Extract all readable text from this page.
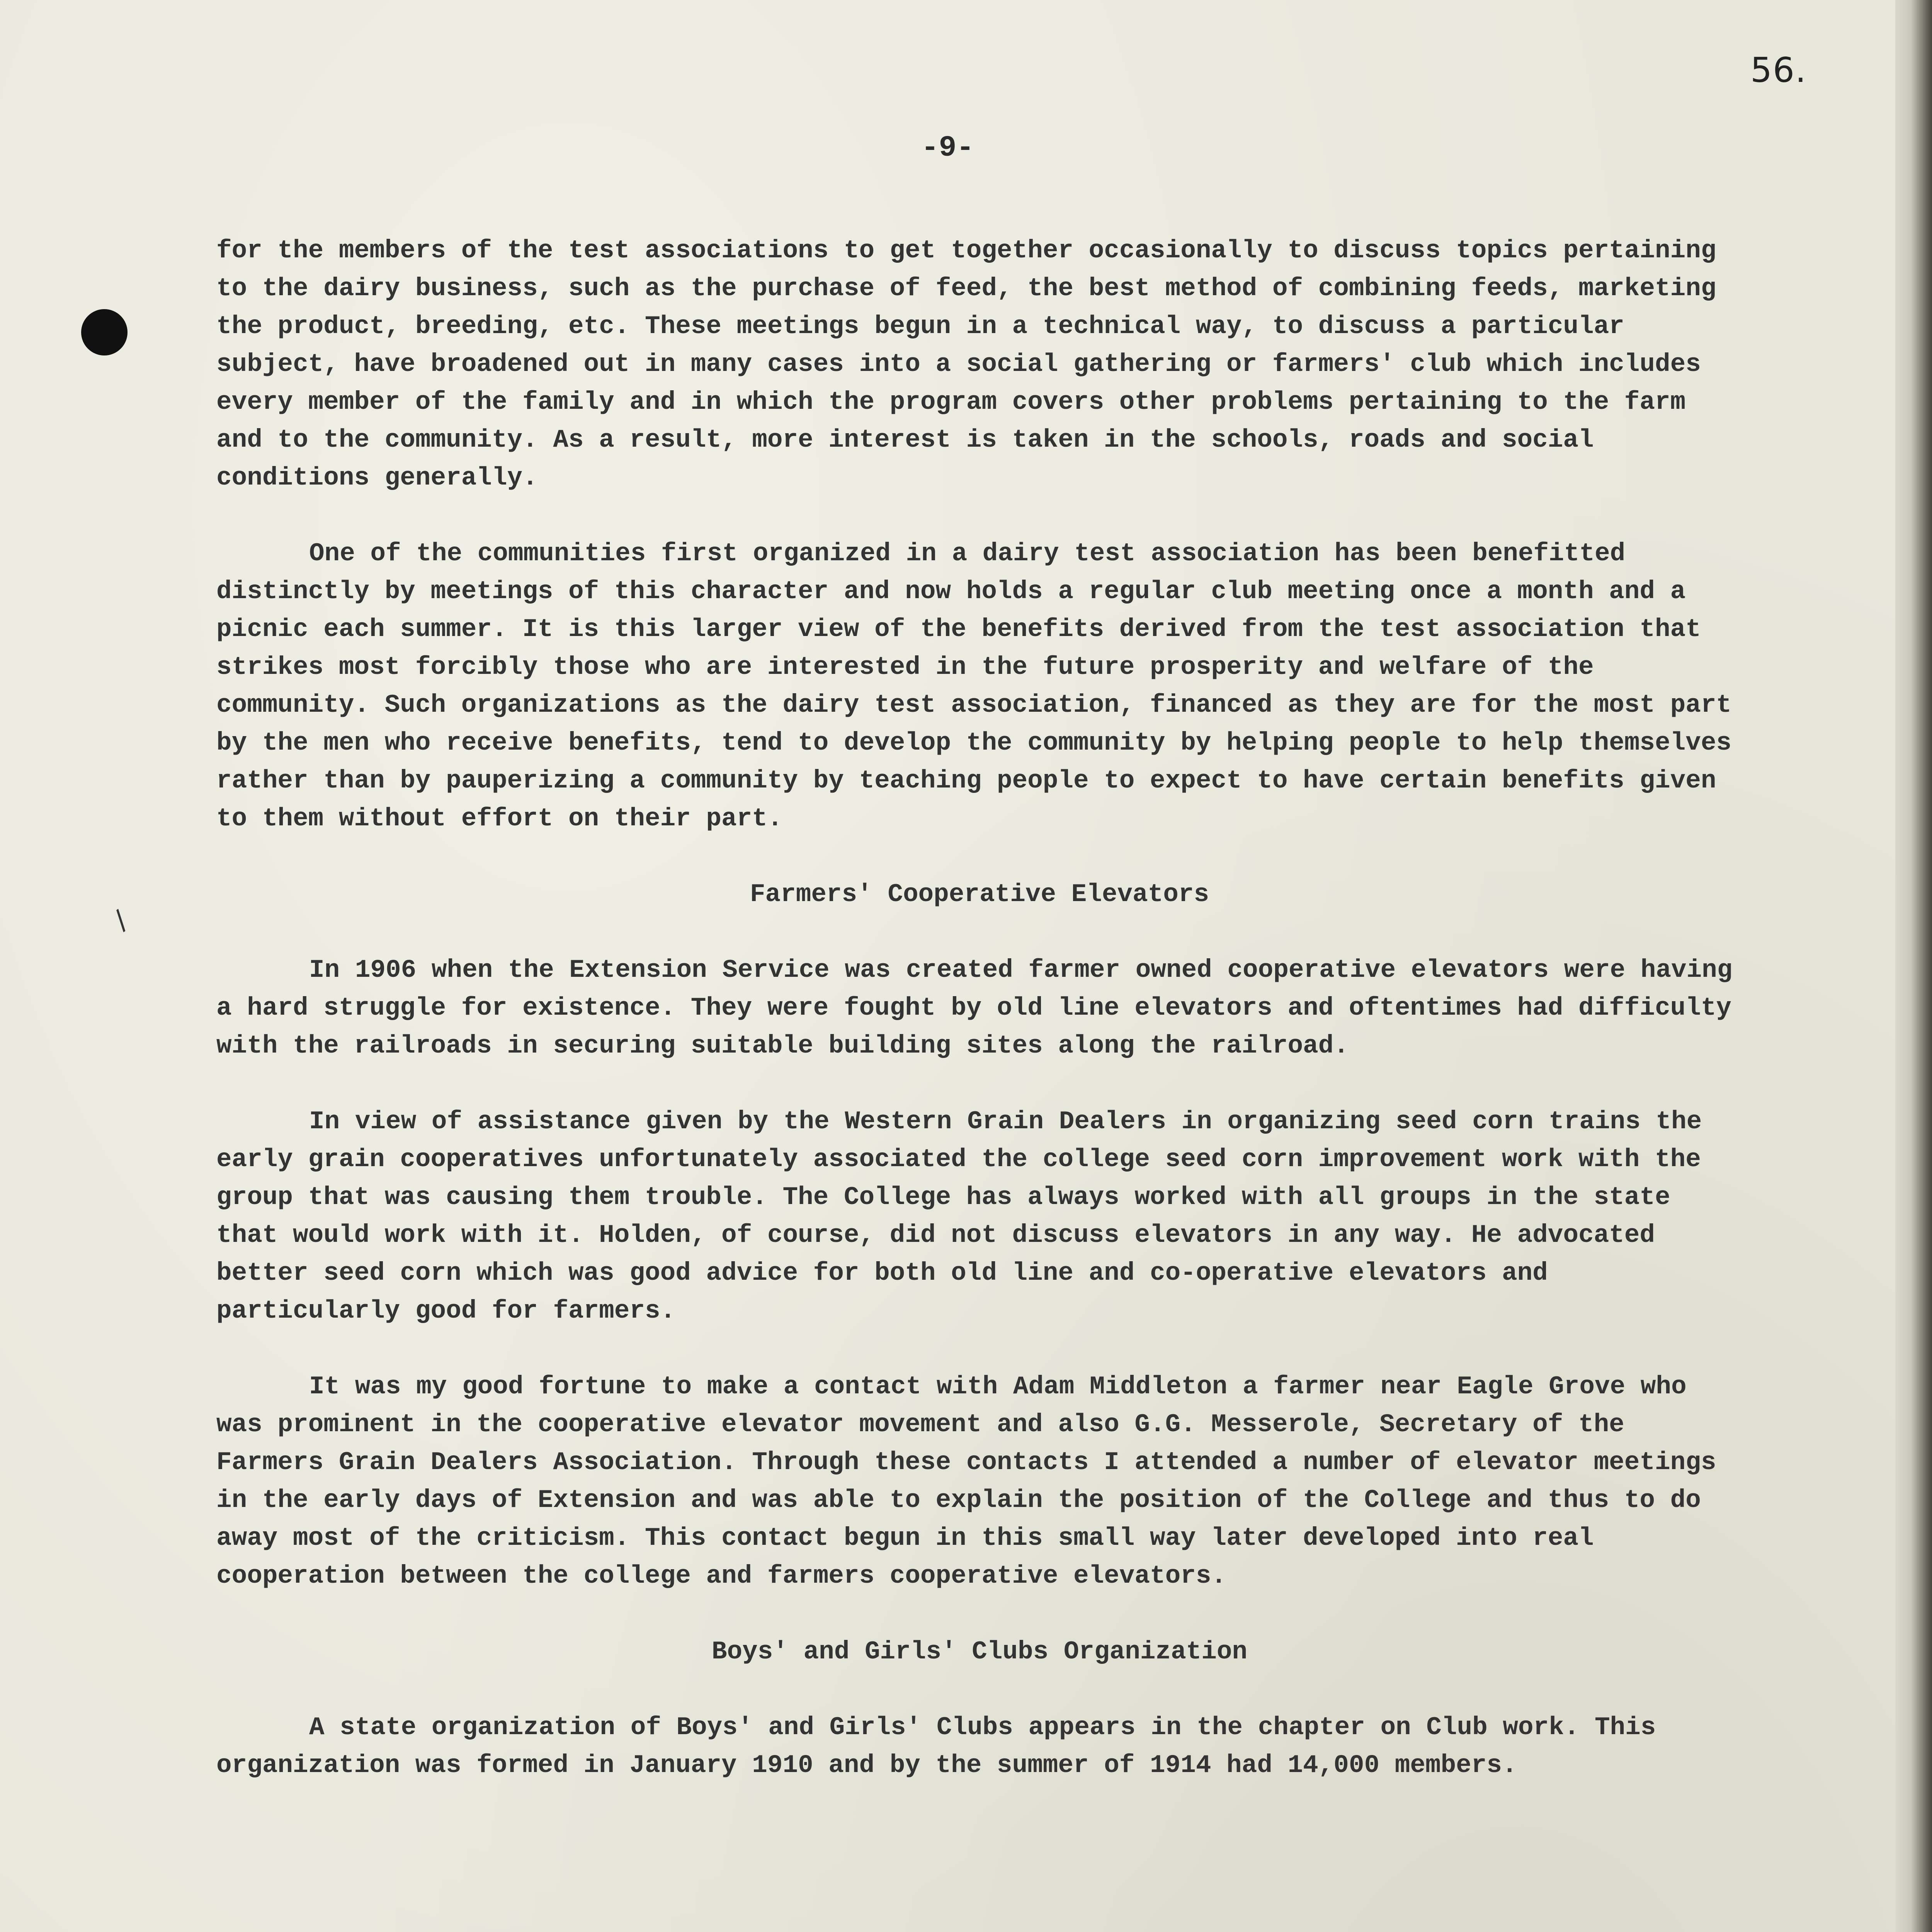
56.
-9-

for the members of the test associations to get together occasionally to discuss topics pertaining to the dairy business, such as the purchase of feed, the best method of combining feeds, marketing the product, breeding, etc. These meetings begun in a technical way, to discuss a particular subject, have broadened out in many cases into a social gathering or farmers' club which includes every member of the family and in which the program covers other problems pertaining to the farm and to the community. As a result, more interest is taken in the schools, roads and social conditions generally.

One of the communities first organized in a dairy test association has been benefitted distinctly by meetings of this character and now holds a regular club meeting once a month and a picnic each summer. It is this larger view of the benefits derived from the test association that strikes most forcibly those who are interested in the future prosperity and welfare of the community. Such organizations as the dairy test association, financed as they are for the most part by the men who receive benefits, tend to develop the community by helping people to help themselves rather than by pauperizing a community by teaching people to expect to have certain benefits given to them without effort on their part.

Farmers' Cooperative Elevators

In 1906 when the Extension Service was created farmer owned cooperative elevators were having a hard struggle for existence. They were fought by old line elevators and oftentimes had difficulty with the railroads in securing suitable building sites along the railroad.

In view of assistance given by the Western Grain Dealers in organizing seed corn trains the early grain cooperatives unfortunately associated the college seed corn improvement work with the group that was causing them trouble. The College has always worked with all groups in the state that would work with it. Holden, of course, did not discuss elevators in any way. He advocated better seed corn which was good advice for both old line and co-operative elevators and particularly good for farmers.

It was my good fortune to make a contact with Adam Middleton a farmer near Eagle Grove who was prominent in the cooperative elevator movement and also G.G. Messerole, Secretary of the Farmers Grain Dealers Association. Through these contacts I attended a number of elevator meetings in the early days of Extension and was able to explain the position of the College and thus to do away most of the criticism. This contact begun in this small way later developed into real cooperation between the college and farmers cooperative elevators.

Boys' and Girls' Clubs Organization

A state organization of Boys' and Girls' Clubs appears in the chapter on Club work. This organization was formed in January 1910 and by the summer of 1914 had 14,000 members.

/
